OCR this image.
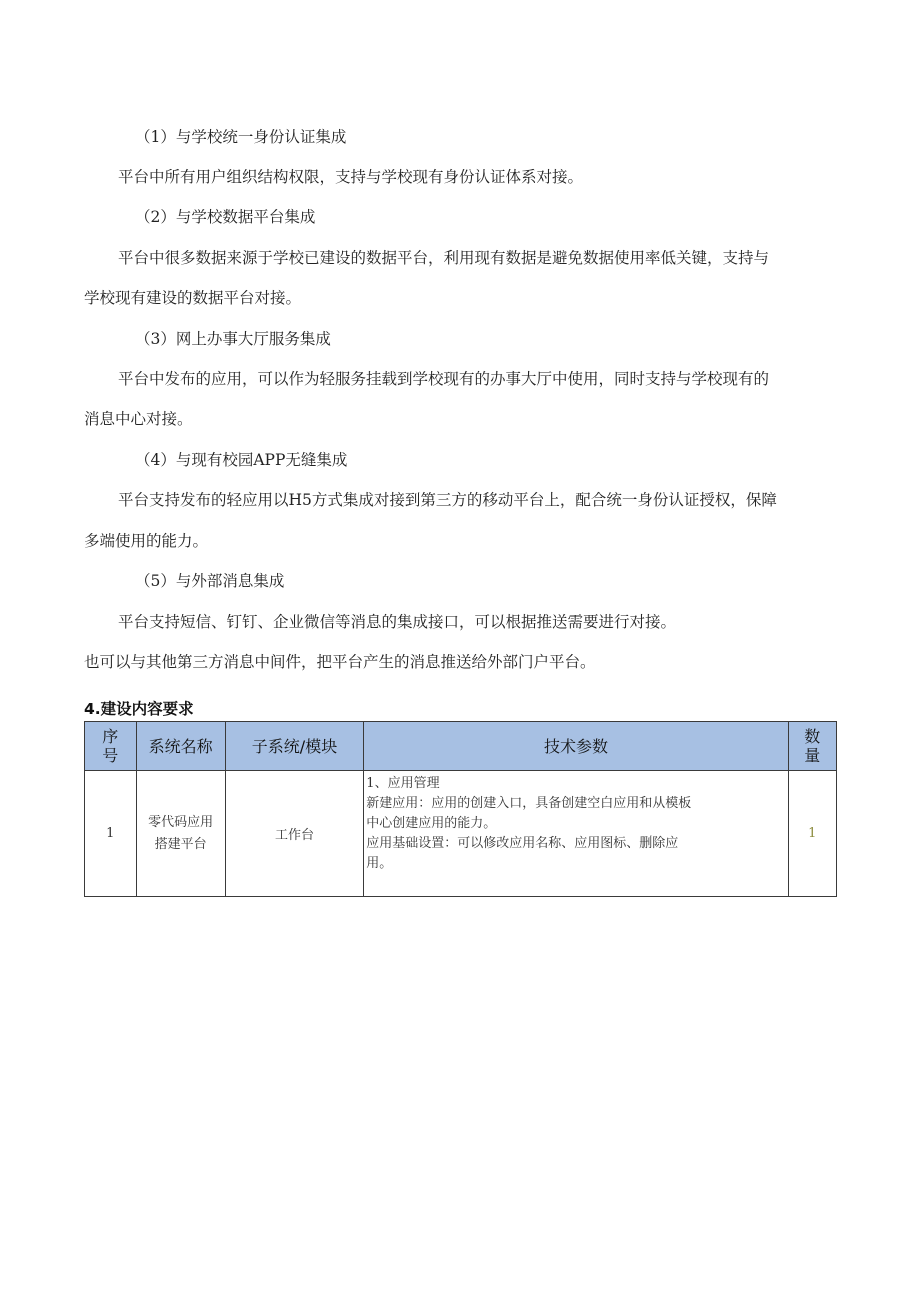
（1）与学校统一身份认证集成
平台中所有用户组织结构权限，支持与学校现有身份认证体系对接。
（2）与学校数据平台集成
平台中很多数据来源于学校已建设的数据平台，利用现有数据是避免数据使用率低关键，支持与
学校现有建设的数据平台对接。
（3）网上办事大厅服务集成
平台中发布的应用，可以作为轻服务挂载到学校现有的办事大厅中使用，同时支持与学校现有的
消息中心对接。
（4）与现有校园APP无缝集成
平台支持发布的轻应用以H5方式集成对接到第三方的移动平台上，配合统一身份认证授权，保障
多端使用的能力。
（5）与外部消息集成
平台支持短信、钉钉、企业微信等消息的集成接口，可以根据推送需要进行对接。
也可以与其他第三方消息中间件，把平台产生的消息推送给外部门户平台。
4.建设内容要求
序号	系统名称	子系统/模块	技术参数	数量
1	零代码应用搭建平台	工作台	1、应用管理
新建应用：应用的创建入口，具备创建空白应用和从模板
中心创建应用的能力。
应用基础设置：可以修改应用名称、应用图标、删除应
用。	1
